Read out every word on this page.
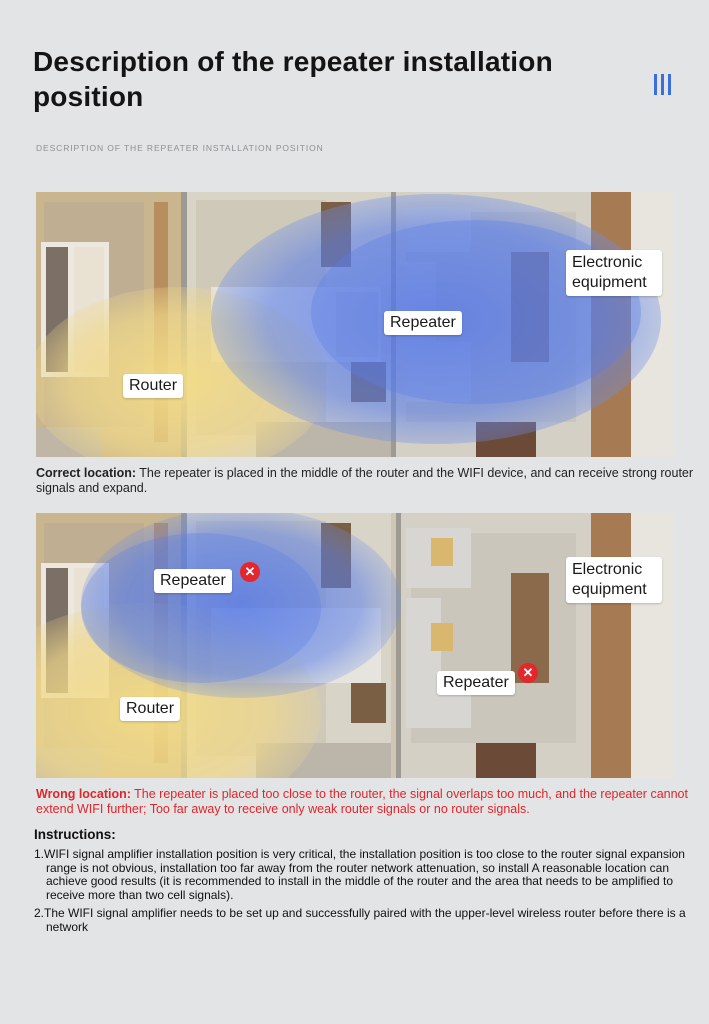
Description of the repeater installation position
DESCRIPTION OF THE REPEATER INSTALLATION POSITION
Router
Repeater
Electronic equipment
Correct location: The repeater is placed in the middle of the router and the WIFI device, and can receive strong router signals and expand.
Repeater
✕
Router
Repeater
✕
Electronic equipment
Wrong location: The repeater is placed too close to the router, the signal overlaps too much, and the repeater cannot extend WIFI further; Too far away to receive only weak router signals or no router signals.
Instructions:
1.WIFI signal amplifier installation position is very critical, the installation position is too close to the router signal expansion range is not obvious, installation too far away from the router network attenuation, so install A reasonable location can achieve good results (it is recommended to install in the middle of the router and the area that needs to be amplified to receive more than two cell signals).
2.The WIFI signal amplifier needs to be set up and successfully paired with the upper-level wireless router before there is a network
